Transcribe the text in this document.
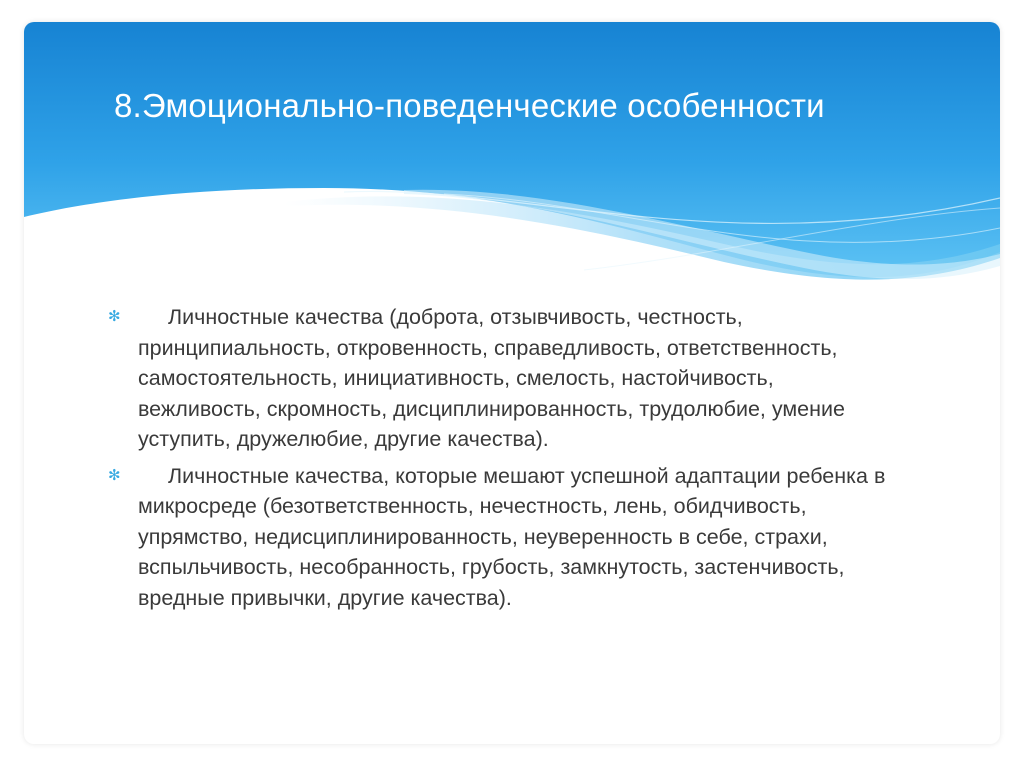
8.Эмоционально-поведенческие особенности
✻	Личностные качества (доброта, отзывчивость, честность, принципиальность, откровенность, справедливость, ответственность, самостоятельность, инициативность, смелость, настойчивость, вежливость, скромность, дисциплинированность, трудолюбие, умение уступить, дружелюбие, другие качества).
✻	Личностные качества, которые мешают успешной адаптации ребенка в микросреде (безответственность, нечестность, лень, обидчивость, упрямство, недисциплинированность, неуверенность в себе, страхи, вспыльчивость, несобранность, грубость, замкнутость, застенчивость, вредные привычки, другие качества).
